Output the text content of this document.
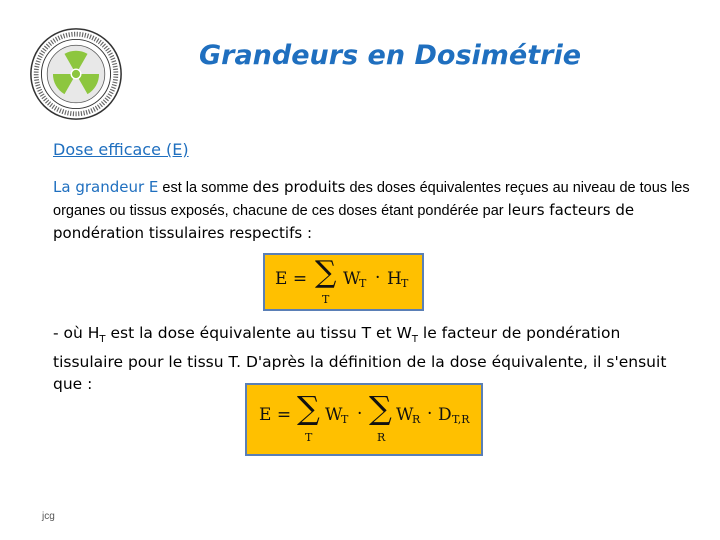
Grandeurs en Dosimétrie
Dose efficace (E)
La grandeur E est la somme des produits des doses équivalentes reçues au niveau de tous les organes ou tissus exposés, chacune de ces doses étant pondérée par leurs facteurs de pondération tissulaires respectifs :
E = ∑
T
W
T · H T
- où $H_T$ est la dose équivalente au tissu T et $W_T$ le facteur de pondération tissulaire pour le tissu T. D'après la définition de la dose équivalente, il s'ensuit que :
E = ∑
T
W
T · ∑
R
W
R · D T,R
jcg
